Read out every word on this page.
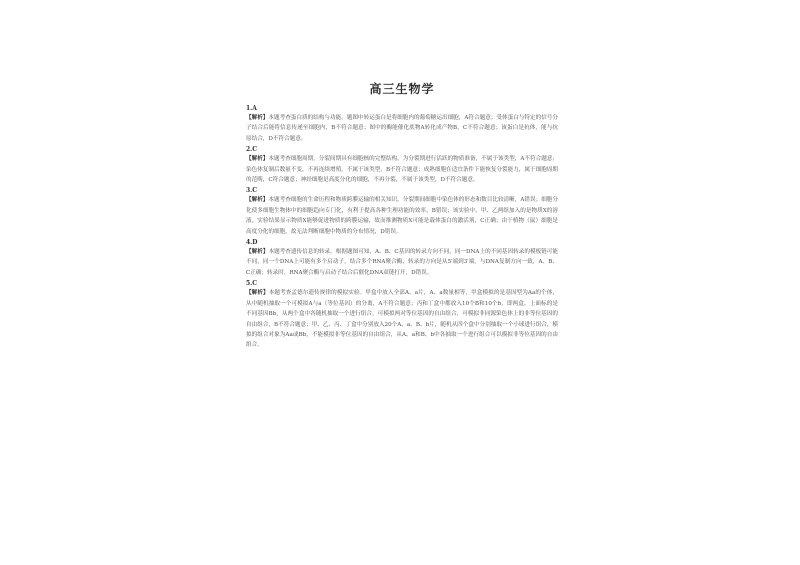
高三生物学
1.A
【解析】本题考查蛋白质的结构与功能。题图中转运蛋白是将细胞内的葡萄糖运出细胞，A符合题意；受体蛋白与特定的信号分子结合后能将信息传递至细胞内，B不符合题意；图中的酶能催化底物A转化成产物B，C不符合题意；该蛋白是抗体，能与抗原结合，D不符合题意。
2.C
【解析】本题考查细胞周期。分裂间期具有细胞核的完整结构，为分裂期进行活跃的物质准备，不属于该类型，A不符合题意；染色体复制后数量不变，不再连续增殖，不属于该类型，B不符合题意；成熟细胞在适宜条件下能恢复分裂能力，属于细胞周期的范畴，C符合题意；神经细胞是高度分化的细胞，不再分裂，不属于该类型，D不符合题意。
3.C
【解析】本题考查细胞的生命历程和物质跨膜运输的相关知识。分裂期间细胞中染色体的形态和数目比较清晰，A错误；细胞分化使多细胞生物体中的细胞趋向专门化，有利于提高各种生理功能的效率，B错误；该实验中，甲、乙两组加入的是物质X的溶液，实验结果显示物质X能够促进物质的跨膜运输，故而推测物质X可能是载体蛋白的激活剂，C正确；由于植物（鼠）细胞是高度分化的细胞，故无法判断细胞中物质的分布情况，D错误。
4.D
【解析】本题考查遗传信息的转录。根据题图可知，A、B、C基因的转录方向不同，同一DNA上的不同基因转录的模板链可能不同，同一个DNA上可能有多个启动子，结合多个RNA聚合酶，转录的方向是从5′端到3′端，与DNA复制方向一致，A、B、C正确；转录时，RNA聚合酶与启动子结合后催化DNA双链打开，D错误。
5.C
【解析】本题考查孟德尔遗传规律的模拟实验。甲盒中放入全部A、a片，A、a数量相等，甲盒模拟的是基因型为Aa的个体，从中随机抽取一个可模拟A与a（等位基因）的分离，A不符合题意；丙和丁盒中都放入10个B和10个b，即两盒，上面标的是不同基因Bb，从两个盒中各随机抽取一个进行组合，可模拟两对等位基因的自由组合，可模拟非同源染色体上的非等位基因的自由组合，B不符合题意；甲、乙、丙、丁盒中分别放入20个A、a、B、b片，随机从四个盒中分别抽取一个小球进行组合，模拟的组合对象为Aa或Bb，不能模拟非等位基因的自由组合，从A、a和B、b中各抽取一个进行组合可以模拟非等位基因的自由组合。
